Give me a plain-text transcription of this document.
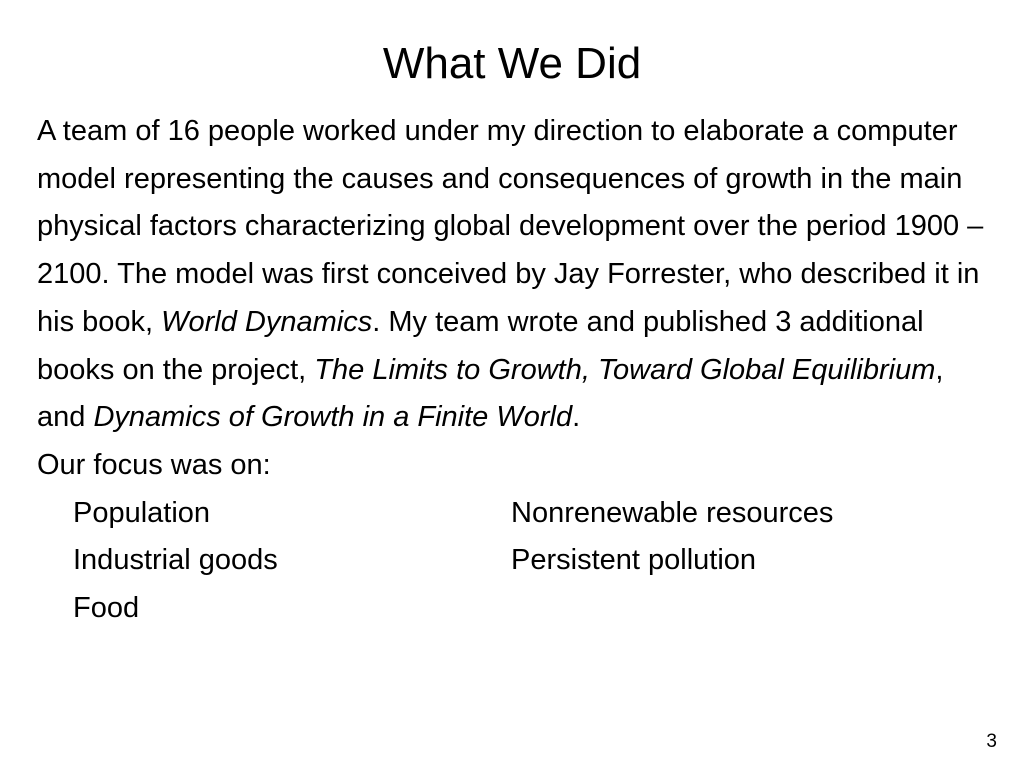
What We Did

A team of 16 people worked under my direction to elaborate a computer model representing the causes and consequences of growth in the main physical factors characterizing global development over the period 1900 – 2100. The model was first conceived by Jay Forrester, who described it in his book, World Dynamics. My team wrote and published 3 additional books on the project, The Limits to Growth, Toward Global Equilibrium, and Dynamics of Growth in a Finite World.

Our focus was on:
Population	Nonrenewable resources
Industrial goods	Persistent pollution
Food
3
